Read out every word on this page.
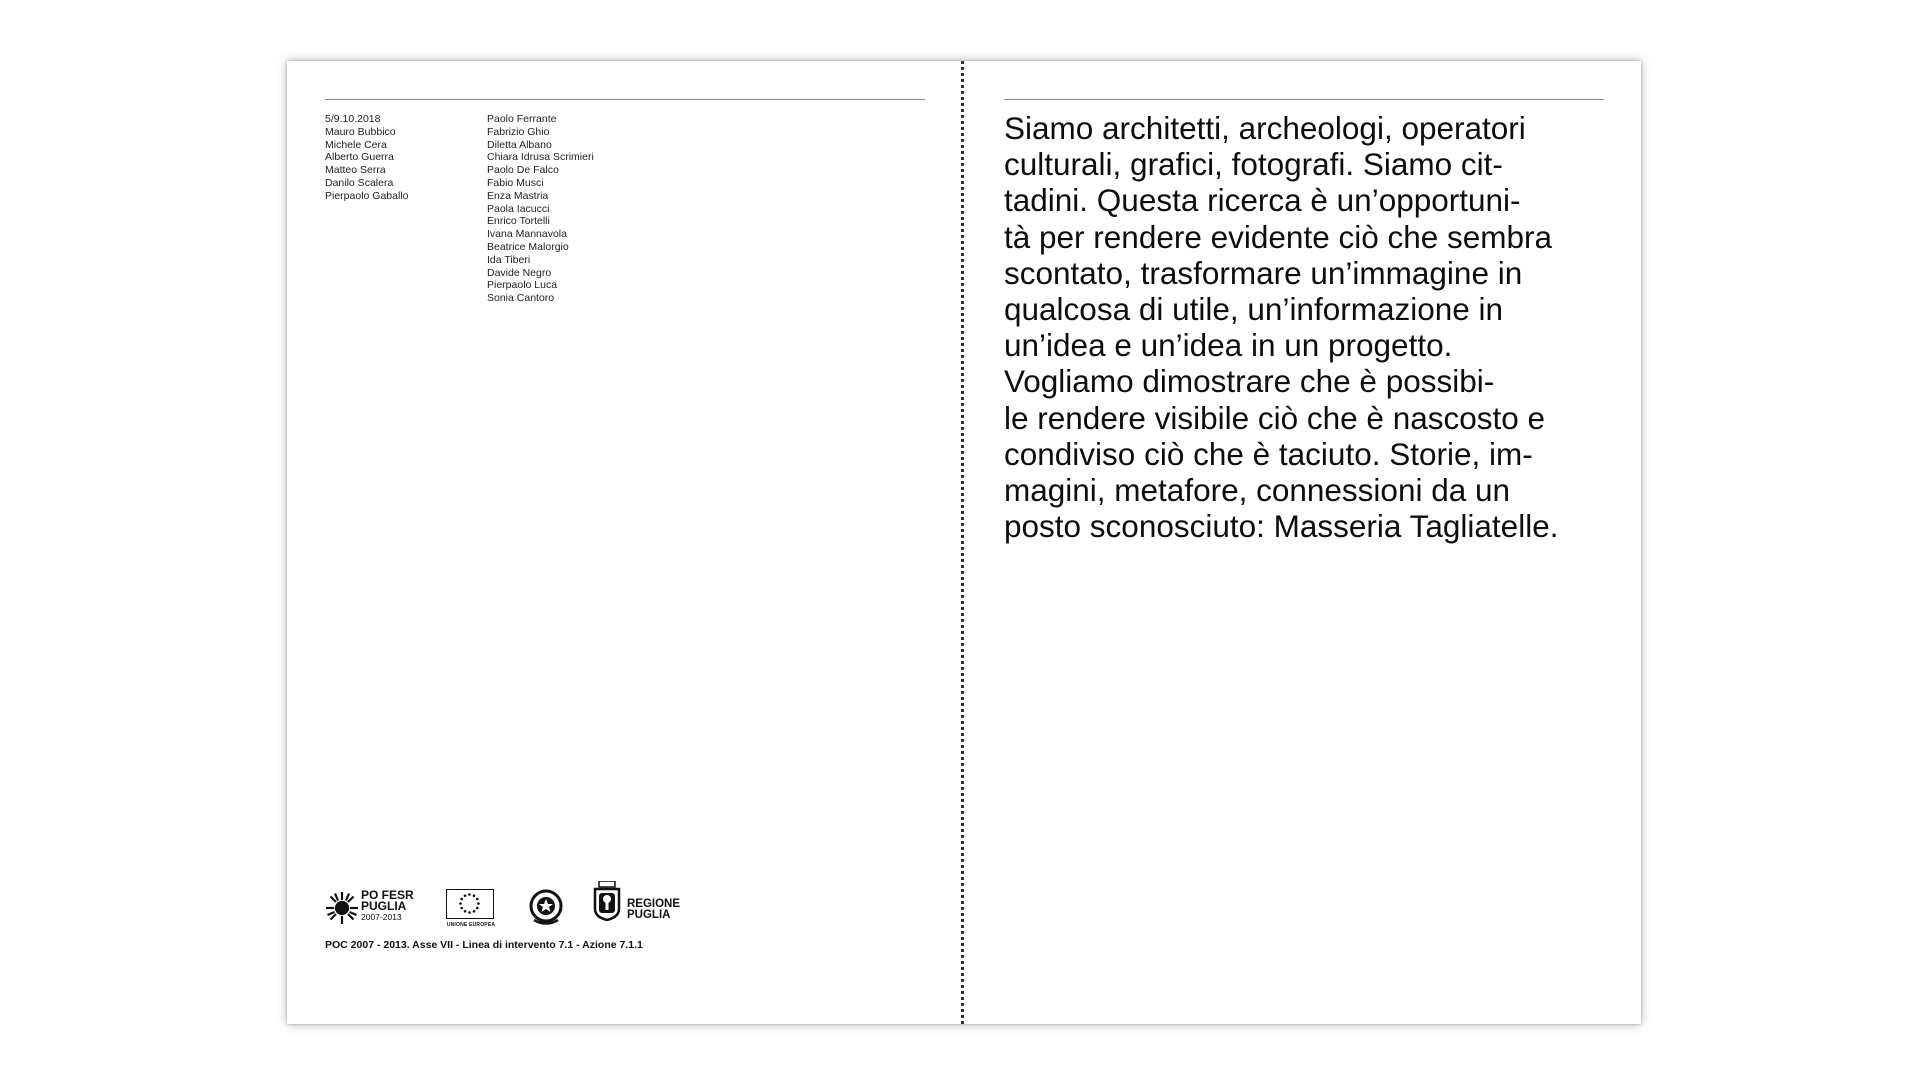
5/9.10.2018
Mauro Bubbico
Michele Cera
Alberto Guerra
Matteo Serra
Danilo Scalera
Pierpaolo Gaballo
Paolo Ferrante
Fabrizio Ghio
Diletta Albano
Chiara Idrusa Scrimieri
Paolo De Falco
Fabio Musci
Enza Mastria
Paola Iacucci
Enrico Tortelli
Ivana Mannavola
Beatrice Malorgio
Ida Tiberi
Davide Negro
Pierpaolo Luca
Sonia Cantoro
PO FESR
PUGLIA
2007-2013
UNIONE EUROPEA
REGIONE
PUGLIA
POC 2007 - 2013. Asse VII - Linea di intervento 7.1 - Azione 7.1.1
Siamo architetti, archeologi, operatori
culturali, grafici, fotografi. Siamo cit-
tadini. Questa ricerca è un’opportuni-
tà per rendere evidente ciò che sembra
scontato, trasformare un’immagine in
qualcosa di utile, un’informazione in
un’idea e un’idea in un progetto.
Vogliamo dimostrare che è possibi-
le rendere visibile ciò che è nascosto e
condiviso ciò che è taciuto. Storie, im-
magini, metafore, connessioni da un
posto sconosciuto: Masseria Tagliatelle.
